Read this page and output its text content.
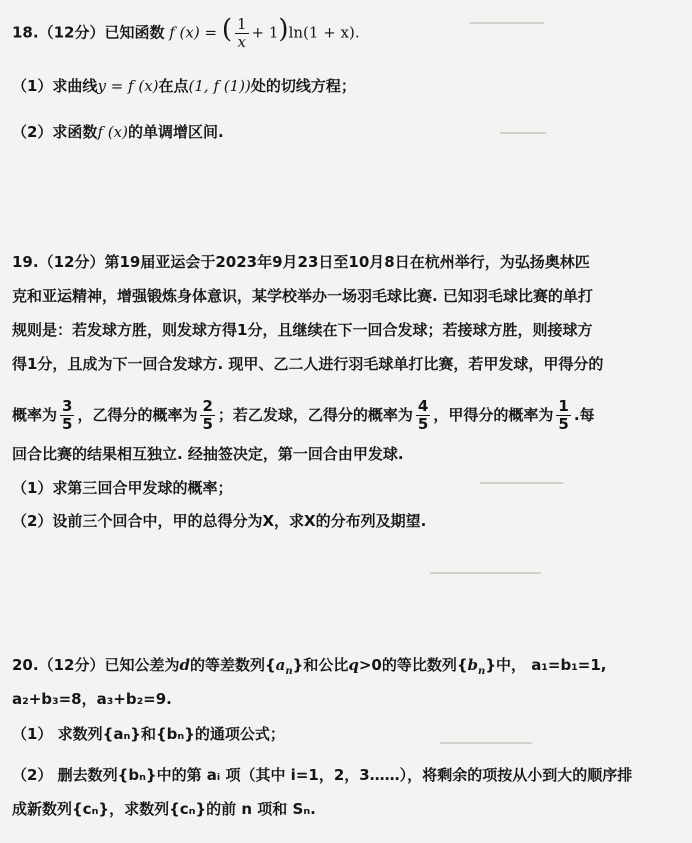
▁▁▁▁▁▁▁▁
▁▁▁▁▁
▁▁▁▁▁▁▁▁▁
▁▁▁▁▁▁▁▁▁▁▁▁
▁▁▁▁▁▁▁▁▁▁
18.（12分）已知函数 f (x) = ( $\frac{1}{x} + 1)\ln(1 + x)$.
（1）求曲线y = f (x)在点(1, f (1))处的切线方程；
（2）求函数f (x)的单调增区间.
19.（12分）第19届亚运会于2023年9月23日至10月8日在杭州举行，为弘扬奥林匹
克和亚运精神，增强锻炼身体意识，某学校举办一场羽毛球比赛. 已知羽毛球比赛的单打
规则是：若发球方胜，则发球方得1分，且继续在下一回合发球；若接球方胜，则接球方
得1分，且成为下一回合发球方. 现甲、乙二人进行羽毛球单打比赛，若甲发球，甲得分的
概率为 $\frac{3}{5}$ ，乙得分的概率为 $\frac{2}{5}$ ；若乙发球，乙得分的概率为 $\frac{4}{5}$ ，甲得分的概率为 $\frac{1}{5}$ .每
回合比赛的结果相互独立. 经抽签决定，第一回合由甲发球.
（1）求第三回合甲发球的概率；
（2）设前三个回合中，甲的总得分为X，求X的分布列及期望.
20.（12分）已知公差为d的等差数列$\{a_n\}$和公比q>0的等比数列$\{b_n\}$中， a₁=b₁=1,
a₂+b₃=8，a₃+b₂=9.
（1） 求数列{aₙ}和{bₙ}的通项公式；
（2） 删去数列{bₙ}中的第 aᵢ 项（其中 i=1，2，3……），将剩余的项按从小到大的顺序排
成新数列{cₙ}，求数列{cₙ}的前 n 项和 Sₙ.
